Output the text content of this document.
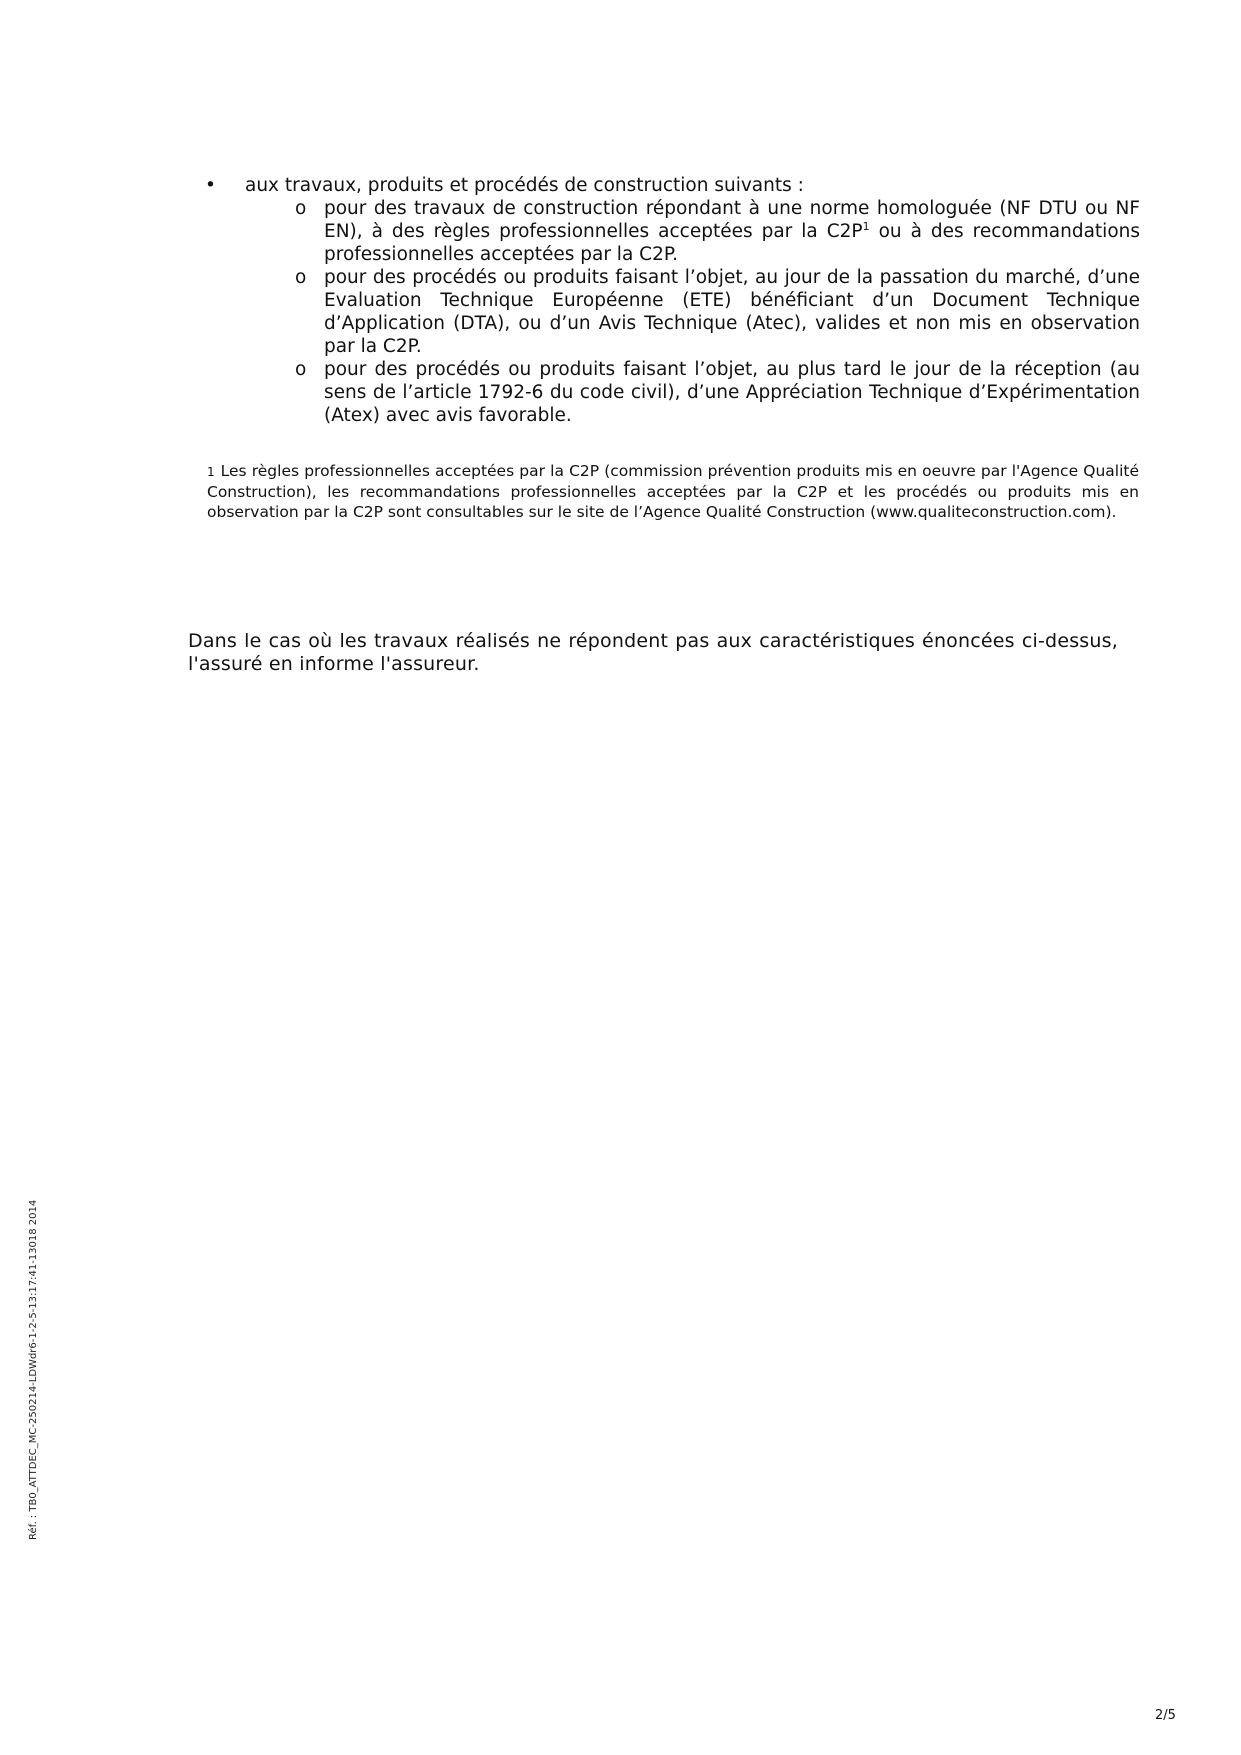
• aux travaux, produits et procédés de construction suivants :
o pour des travaux de construction répondant à une norme homologuée (NF DTU ou NF EN), à des règles professionnelles acceptées par la $C2P^1$ ou à des recommandations professionnelles acceptées par la C2P.
o pour des procédés ou produits faisant l’objet, au jour de la passation du marché, d’une Evaluation Technique Européenne (ETE) bénéficiant d’un Document Technique d’Application (DTA), ou d’un Avis Technique (Atec), valides et non mis en observation par la C2P.
o pour des procédés ou produits faisant l’objet, au plus tard le jour de la réception (au sens de l’article 1792-6 du code civil), d’une Appréciation Technique d’Expérimentation (Atex) avec avis favorable.
1 Les règles professionnelles acceptées par la C2P (commission prévention produits mis en oeuvre par l'Agence Qualité Construction), les recommandations professionnelles acceptées par la C2P et les procédés ou produits mis en observation par la C2P sont consultables sur le site de l’Agence Qualité Construction (www.qualiteconstruction.com).
Dans le cas où les travaux réalisés ne répondent pas aux caractéristiques énoncées ci-dessus, l'assuré en informe l'assureur.
Réf. : TB0_ATTDEC_MC-250214-LDWdr6-1-2-5-13:17:41-13018 2014
2/5
